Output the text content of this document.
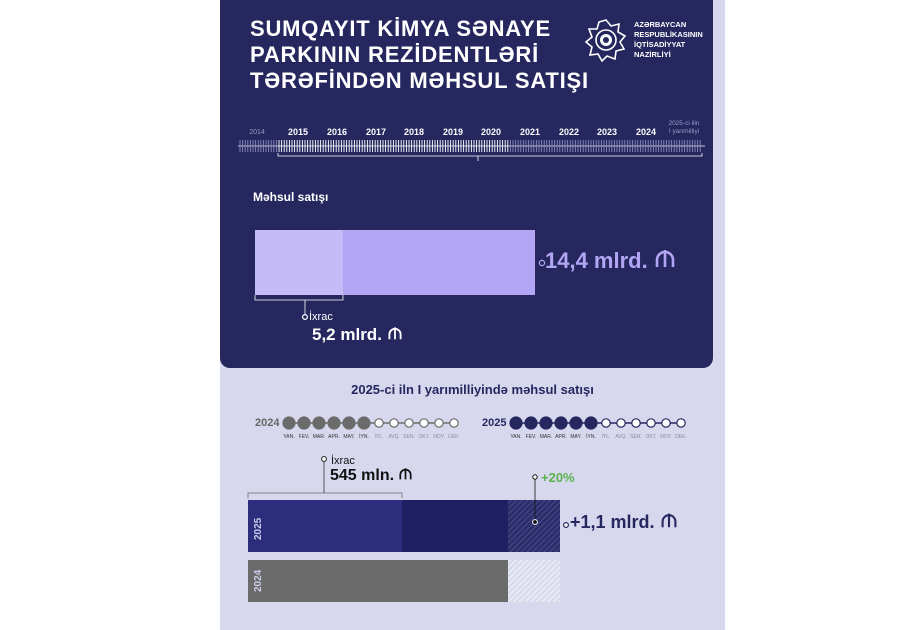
SUMQAYIT KİMYA SƏNAYE
PARKININ REZİDENTLƏRİ
TƏRƏFİNDƏN MƏHSUL SATIŞI
AZƏRBAYCAN
RESPUBLİKASININ
İQTİSADİYYAT
NAZİRLİYİ
2014	2015 2016 2017 2018 2019 2020 2021 2022 2023 2024
2025-ci ilin
I yarımilliyi
Məhsul satışı
14,4 mlrd.
İxrac
5,2 mlrd.
2025-ci iln I yarımilliyində məhsul satışı
2024	2025
YAN. FEV. MAR. APR. MAY. İYN. İYL. AVQ. SEN. OKT. NOY. DEK.	YAN. FEV. MAR. APR. MAY. İYN. İYL. AVQ. SEN. OKT. NOY. DEK.
İxrac
545 mln.	+20%
+1,1 mlrd.
2025
2024
